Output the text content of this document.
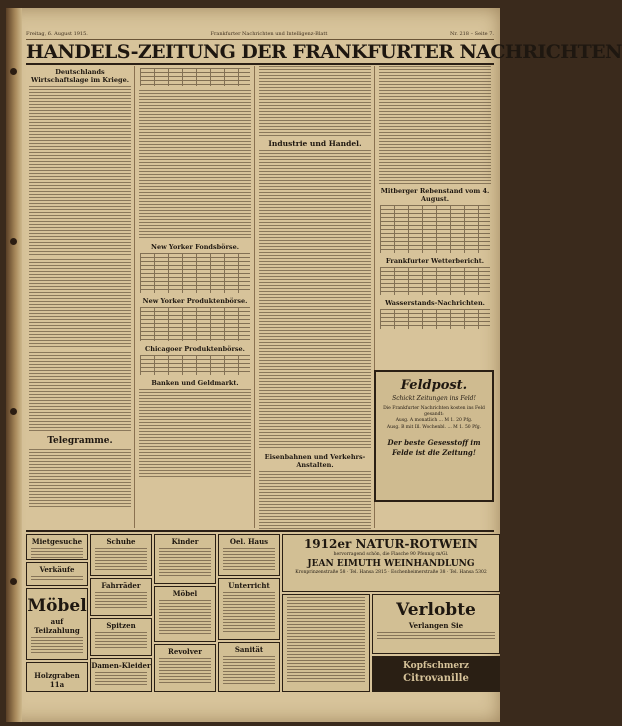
Freitag, 6. August 1915.	Frankfurter Nachrichten und Intelligenz-Blatt	Nr. 218 – Seite 7.
HANDELS-ZEITUNG DER FRANKFURTER NACHRICHTEN
Deutschlands Wirtschaftslage im Kriege.
Telegramme.
New Yorker Fondsbörse.
New Yorker Produktenbörse.
Chicagoer Produktenbörse.
Banken und Geldmarkt.
Industrie und Handel.
Eisenbahnen und Verkehrs-Anstalten.
Mitberger Rebenstand vom 4. August.
Frankfurter Wetterbericht.
Wasserstands-Nachrichten.
Feldpost.
Schickt Zeitungen ins Feld!
Die Frankfurter Nachrichten kosten ins Feld gesandt:
Ausg. A monatlich ... M 1. 20 Pfg.
Ausg. B mit Ill. Wochenbl. ... M 1. 50 Pfg.
Der beste Gesesstoff im Felde ist die Zeitung!
Mietgesuche
Verkäufe
Möbel
auf Teilzahlung
Holzgraben 11a
Schuhe
Fahrräder
Spitzen
Damen-Kleider
Kinder
Möbel
Revolver
Oel. Haus
Unterricht
Sanität
1912er NATUR-ROTWEIN
hervorragend schön, die Flasche 90 Pfennig m/Gl.
JEAN EIMUTH WEINHANDLUNG
Kronprinzenstraße 58 · Tel. Hansa 2815 · Eschenheimerstraße 38 · Tel. Hansa 5302
Verlobte
Verlangen Sie
Kopfschmerz
Citrovanille
